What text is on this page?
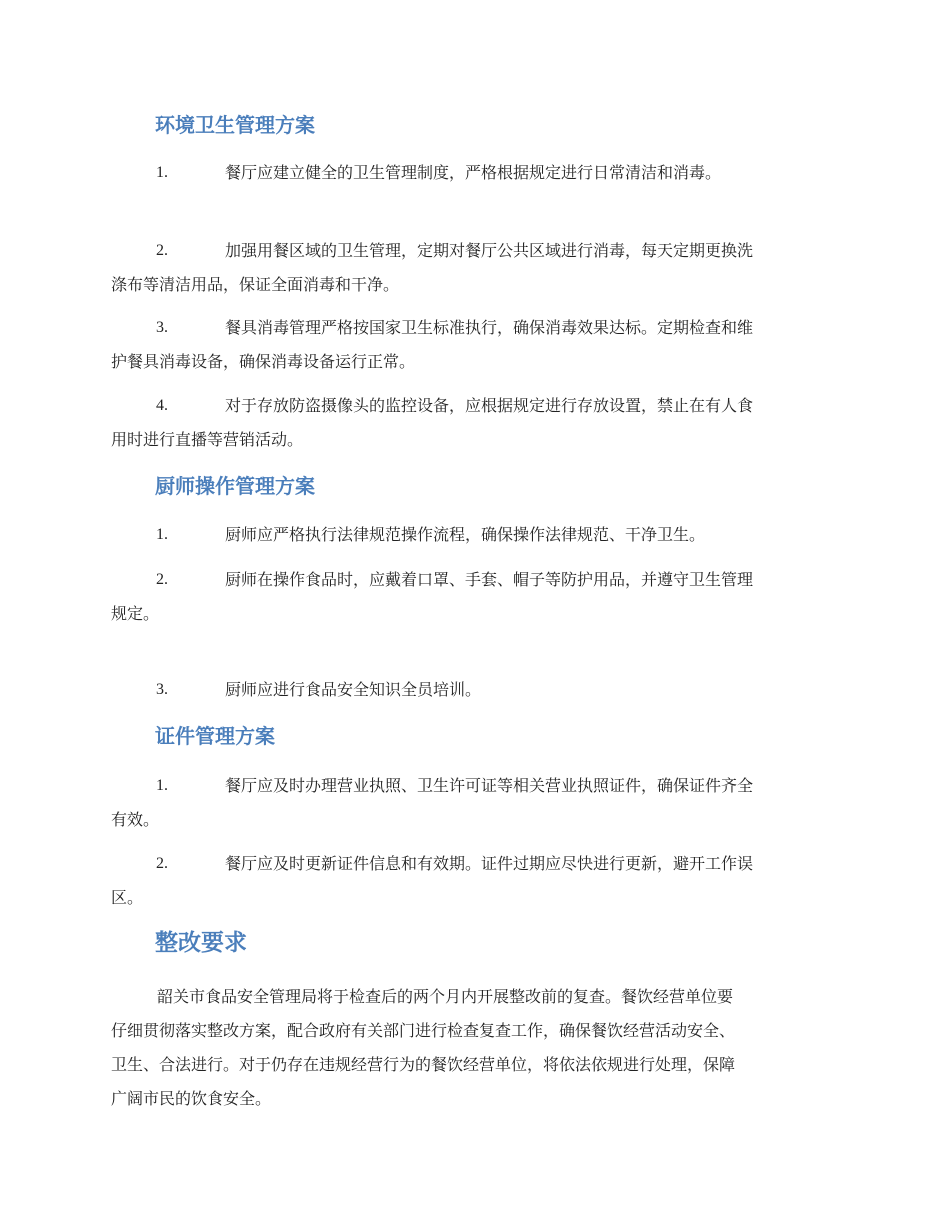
环境卫生管理方案
1.	餐厅应建立健全的卫生管理制度，严格根据规定进行日常清洁和消毒。
2.	加强用餐区域的卫生管理，定期对餐厅公共区域进行消毒，每天定期更换洗
涤布等清洁用品，保证全面消毒和干净。
3.	餐具消毒管理严格按国家卫生标准执行，确保消毒效果达标。定期检查和维
护餐具消毒设备，确保消毒设备运行正常。
4.	对于存放防盗摄像头的监控设备，应根据规定进行存放设置，禁止在有人食
用时进行直播等营销活动。
厨师操作管理方案
1.	厨师应严格执行法律规范操作流程，确保操作法律规范、干净卫生。
2.	厨师在操作食品时，应戴着口罩、手套、帽子等防护用品，并遵守卫生管理
规定。
3.	厨师应进行食品安全知识全员培训。
证件管理方案
1.	餐厅应及时办理营业执照、卫生许可证等相关营业执照证件，确保证件齐全
有效。
2.	餐厅应及时更新证件信息和有效期。证件过期应尽快进行更新，避开工作误
区。
整改要求
韶关市食品安全管理局将于检查后的两个月内开展整改前的复查。餐饮经营单位要
仔细贯彻落实整改方案，配合政府有关部门进行检查复查工作，确保餐饮经营活动安全、
卫生、合法进行。对于仍存在违规经营行为的餐饮经营单位，将依法依规进行处理，保障
广阔市民的饮食安全。
